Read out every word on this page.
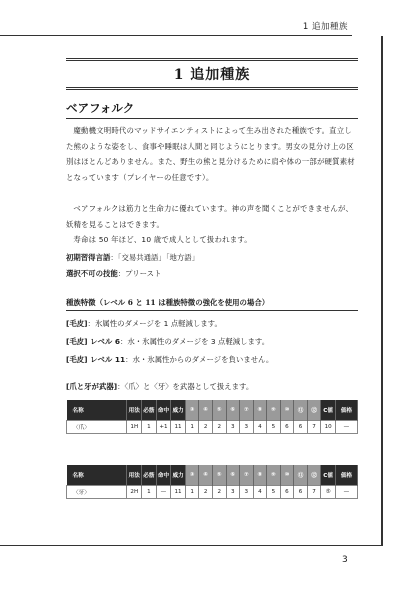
1 追加種族
1 追加種族
ベアフォルク

魔動機文明時代のマッドサイエンティストによって生み出された種族です。直立した熊のような姿をし、食事や睡眠は人間と同じようにとります。男女の見分け上の区別はほとんどありません。また、野生の熊と見分けるために肩や体の一部が硬質素材となっています（プレイヤーの任意です）。

ベアフォルクは筋力と生命力に優れています。神の声を聞くことができませんが、妖精を見ることはできます。

寿命は 50 年ほど、10 歳で成人として扱われます。

初期習得言語：「交易共通語」「地方語」
選択不可の技能：プリースト
種族特徴（レベル 6 と 11 は種族特徴の強化を使用の場合）
[毛皮]：氷属性のダメージを 1 点軽減します。
[毛皮] レベル 6：水・氷属性のダメージを 3 点軽減します。
[毛皮] レベル 11：水・氷属性からのダメージを負いません。
[爪と牙が武器]：〈爪〉と〈牙〉を武器として扱えます。
名称	用法	必筋	命中	威力	③	④	⑤	⑥	⑦	⑧	⑨	⑩	⑪	⑫	C値	価格
〈爪〉	1H	1	+1	11	1	2	2	3	3	4	5	6	6	7	10	—
名称	用法	必筋	命中	威力	③	④	⑤	⑥	⑦	⑧	⑨	⑩	⑪	⑫	C値	価格
〈牙〉	2H	1	—	11	1	2	2	3	3	4	5	6	6	7	⑤	—
3
